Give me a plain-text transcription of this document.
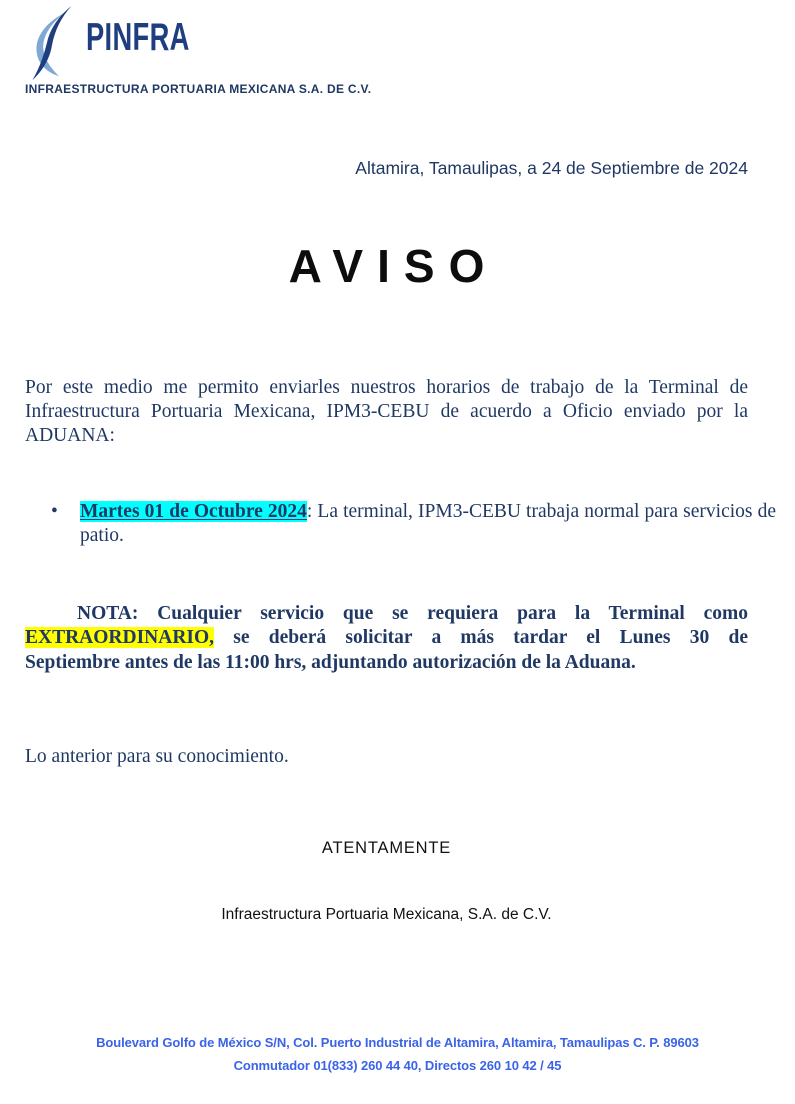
PINFRA
INFRAESTRUCTURA PORTUARIA MEXICANA S.A. DE C.V.
Altamira, Tamaulipas, a 24 de Septiembre de 2024
AVISO

Por este medio me permito enviarles nuestros horarios de trabajo de la Terminal de Infraestructura Portuaria Mexicana, IPM3-CEBU de acuerdo a Oficio enviado por la ADUANA:

• Martes 01 de Octubre 2024: La terminal, IPM3-CEBU trabaja normal para servicios de patio.
NOTA: Cualquier servicio que se requiera para la Terminal como
EXTRAORDINARIO, se deberá solicitar a más tardar el Lunes 30 de
Septiembre antes de las 11:00 hrs, adjuntando autorización de la Aduana.
Lo anterior para su conocimiento.
ATENTAMENTE
Infraestructura Portuaria Mexicana, S.A. de C.V.
Boulevard Golfo de México S/N, Col. Puerto Industrial de Altamira, Altamira, Tamaulipas C. P. 89603
Conmutador 01(833) 260 44 40, Directos 260 10 42 / 45
